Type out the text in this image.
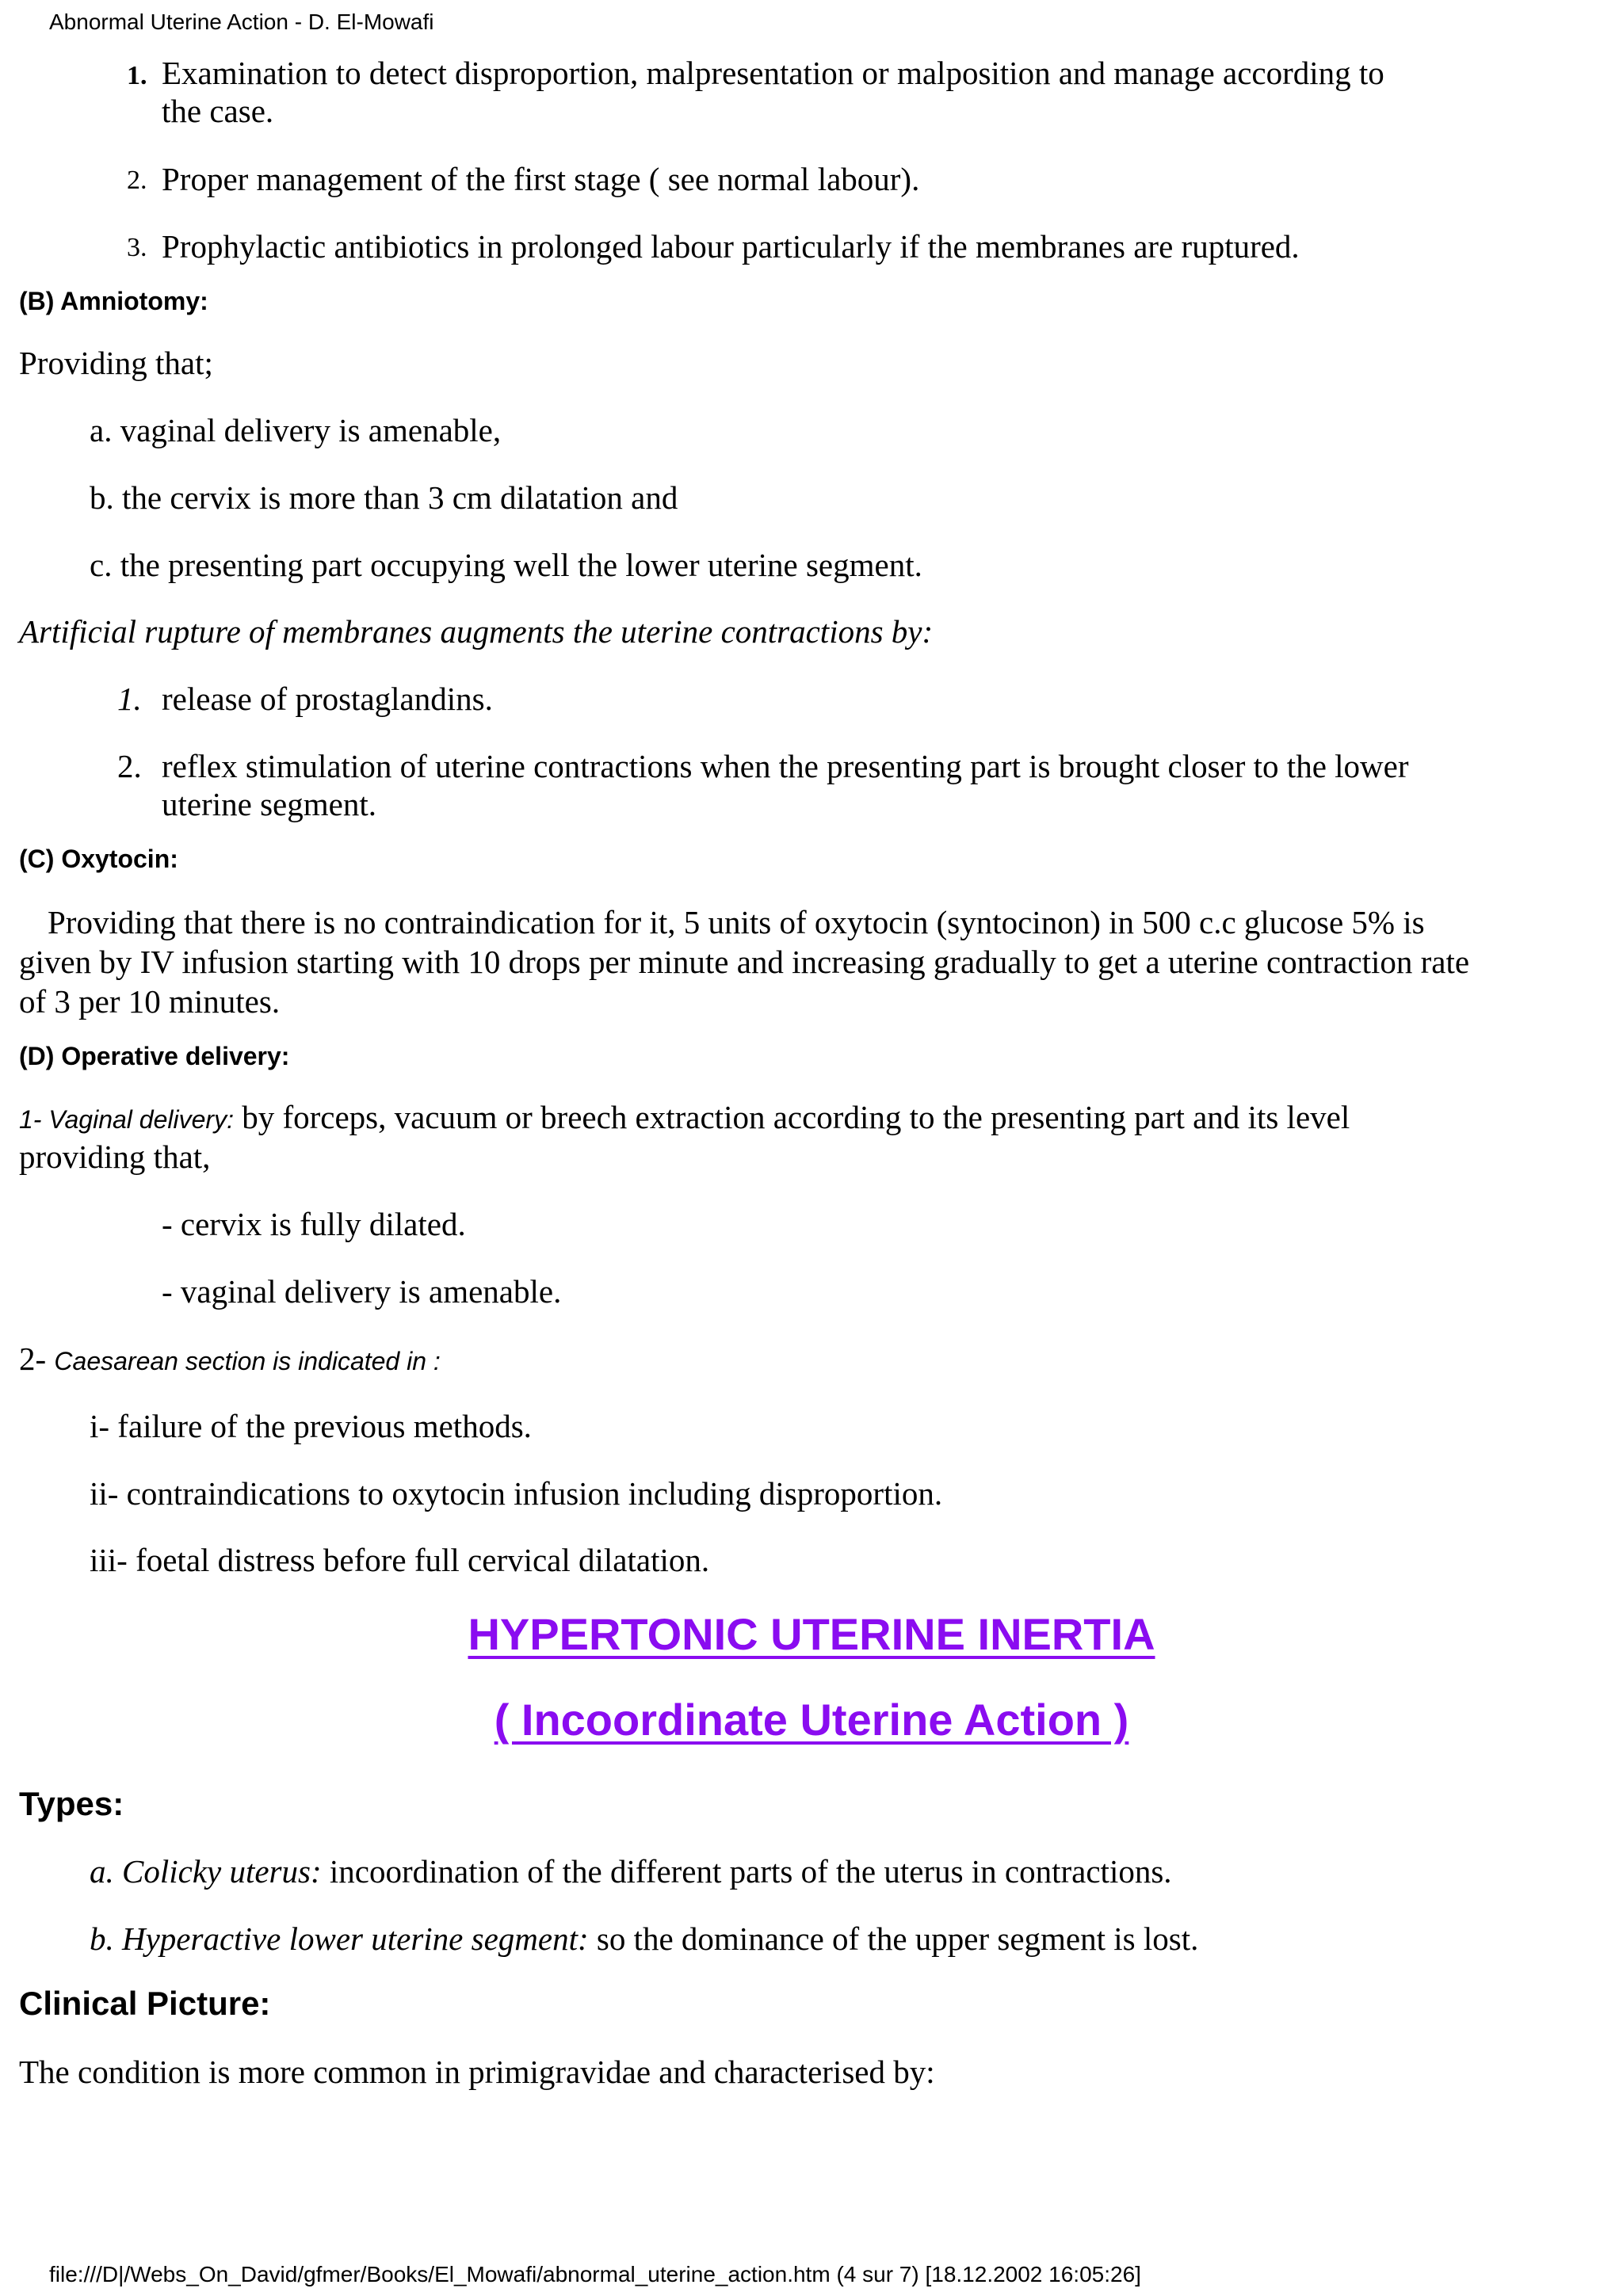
Abnormal Uterine Action - D. El-Mowafi
1. Examination to detect disproportion, malpresentation or malposition and manage according to
the case.
2. Proper management of the first stage ( see normal labour).
3. Prophylactic antibiotics in prolonged labour particularly if the membranes are ruptured.
(B) Amniotomy:
Providing that;
a. vaginal delivery is amenable,
b. the cervix is more than 3 cm dilatation and
c. the presenting part occupying well the lower uterine segment.
Artificial rupture of membranes augments the uterine contractions by:
1. release of prostaglandins.
2. reflex stimulation of uterine contractions when the presenting part is brought closer to the lower
uterine segment.
(C) Oxytocin:
Providing that there is no contraindication for it, 5 units of oxytocin (syntocinon) in 500 c.c glucose 5% is
given by IV infusion starting with 10 drops per minute and increasing gradually to get a uterine contraction rate
of 3 per 10 minutes.
(D) Operative delivery:
1- Vaginal delivery: by forceps, vacuum or breech extraction according to the presenting part and its level
providing that,
- cervix is fully dilated.
- vaginal delivery is amenable.
2- Caesarean section is indicated in :
i- failure of the previous methods.
ii- contraindications to oxytocin infusion including disproportion.
iii- foetal distress before full cervical dilatation.
HYPERTONIC UTERINE INERTIA
( Incoordinate Uterine Action )
Types:
a. Colicky uterus: incoordination of the different parts of the uterus in contractions.
b. Hyperactive lower uterine segment: so the dominance of the upper segment is lost.
Clinical Picture:
The condition is more common in primigravidae and characterised by:
file:///D|/Webs_On_David/gfmer/Books/El_Mowafi/abnormal_uterine_action.htm (4 sur 7) [18.12.2002 16:05:26]
